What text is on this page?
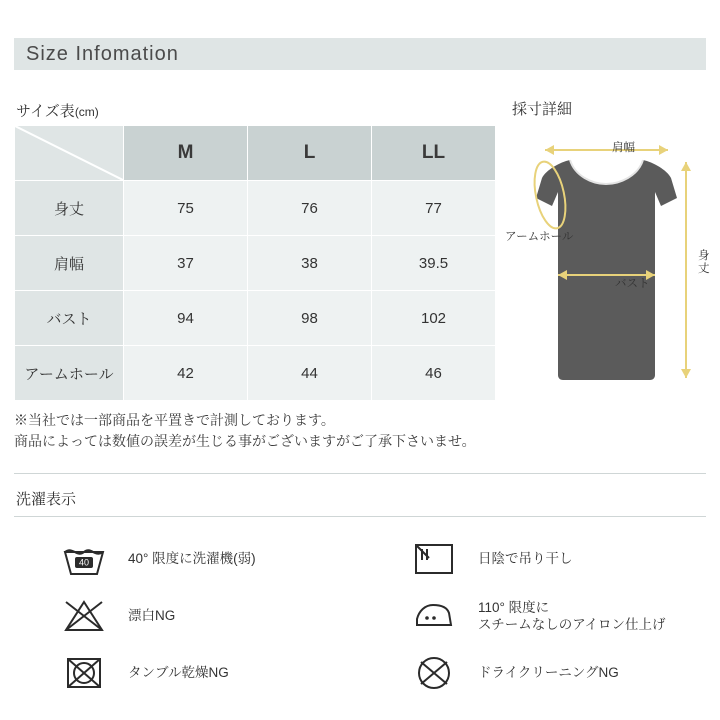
Size Infomation
サイズ表(cm)	採寸詳細
	M	L	LL
身丈	75	76	77
肩幅	37	38	39.5
バスト	94	98	102
アームホール	42	44	46
肩幅
アームホール
バスト
身丈
※当社では一部商品を平置きで計測しております。
商品によっては数値の誤差が生じる事がございますがご了承下さいませ。
洗濯表示
40	40° 限度に洗濯機(弱)	日陰で吊り干し
漂白NG
110° 限度に
スチームなしのアイロン仕上げ
タンブル乾燥NG	ドライクリーニングNG
